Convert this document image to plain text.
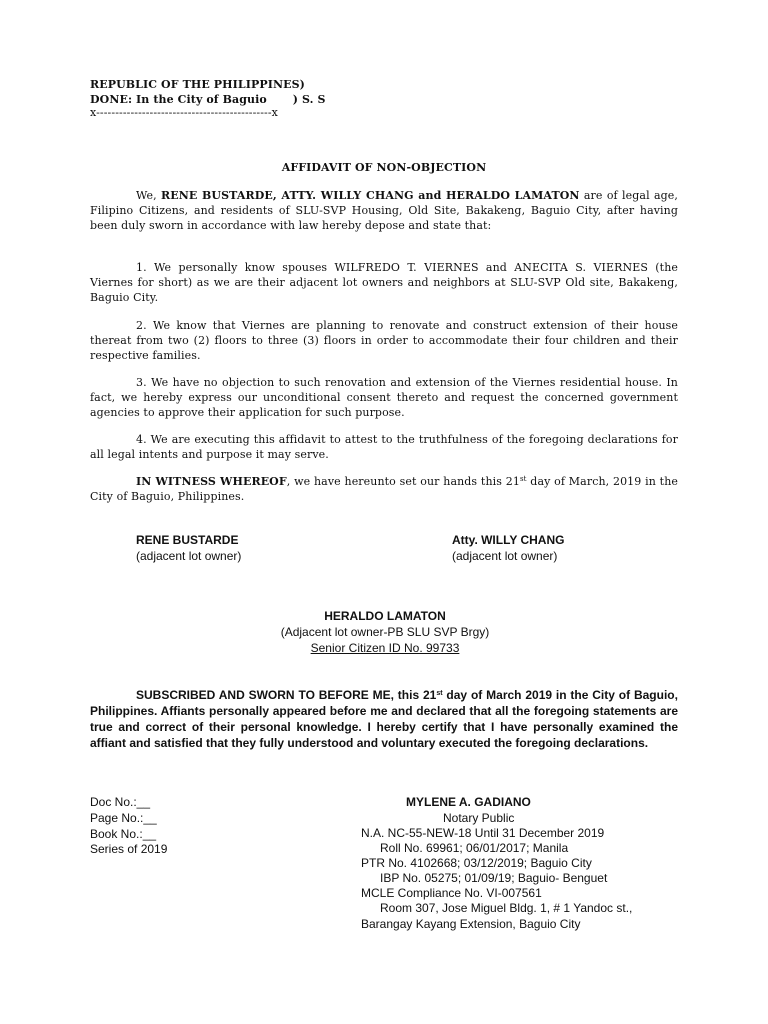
REPUBLIC OF THE PHILIPPINES)

DONE: In the City of Baguio ) S. S

x----------------------------------------------x

AFFIDAVIT OF NON-OBJECTION

We, RENE BUSTARDE, ATTY. WILLY CHANG and HERALDO LAMATON are of legal age, Filipino Citizens, and residents of SLU-SVP Housing, Old Site, Bakakeng, Baguio City, after having been duly sworn in accordance with law hereby depose and state that:

1. We personally know spouses WILFREDO T. VIERNES and ANECITA S. VIERNES (the Viernes for short) as we are their adjacent lot owners and neighbors at SLU-SVP Old site, Bakakeng, Baguio City.

2. We know that Viernes are planning to renovate and construct extension of their house thereat from two (2) floors to three (3) floors in order to accommodate their four children and their respective families.

3. We have no objection to such renovation and extension of the Viernes residential house. In fact, we hereby express our unconditional consent thereto and request the concerned government agencies to approve their application for such purpose.

4. We are executing this affidavit to attest to the truthfulness of the foregoing declarations for all legal intents and purpose it may serve.

IN WITNESS WHEREOF, we have hereunto set our hands this 21st day of March, 2019 in the City of Baguio, Philippines.

RENE BUSTARDE

(adjacent lot owner)

Atty. WILLY CHANG

(adjacent lot owner)

HERALDO LAMATON

(Adjacent lot owner-PB SLU SVP Brgy)

Senior Citizen ID No. 99733

SUBSCRIBED AND SWORN TO BEFORE ME, this 21st day of March 2019 in the City of Baguio, Philippines. Affiants personally appeared before me and declared that all the foregoing statements are true and correct of their personal knowledge. I hereby certify that I have personally examined the affiant and satisfied that they fully understood and voluntary executed the foregoing declarations.

Doc No.:__

Page No.:__

Book No.:__

Series of 2019

MYLENE A. GADIANO

Notary Public

N.A. NC-55-NEW-18 Until 31 December 2019

Roll No. 69961; 06/01/2017; Manila

PTR No. 4102668; 03/12/2019; Baguio City

IBP No. 05275; 01/09/19; Baguio- Benguet

MCLE Compliance No. VI-007561

Room 307, Jose Miguel Bldg. 1, # 1 Yandoc st.,

Barangay Kayang Extension, Baguio City
